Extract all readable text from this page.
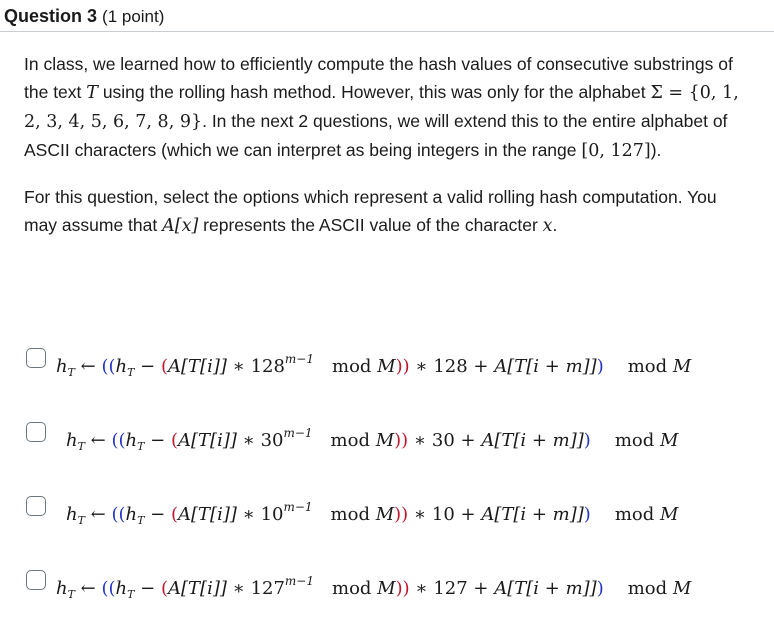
Question 3 (1 point)

In class, we learned how to efficiently compute the hash values of consecutive substrings of the text T using the rolling hash method. However, this was only for the alphabet Σ = {0, 1, 2, 3, 4, 5, 6, 7, 8, 9}. In the next 2 questions, we will extend this to the entire alphabet of ASCII characters (which we can interpret as being integers in the range [0, 127]).

For this question, select the options which represent a valid rolling hash computation. You may assume that A[x] represents the ASCII value of the character x.

$h_T$ ← (($h_T - (A[T[i]]$ ∗ $128^{m-1}$ mod M)) ∗ 128 + A[T[i + m]]) mod M
$h_T$ ← (($h_T - (A[T[i]]$ ∗ $30^{m-1}$ mod M)) ∗ 30 + A[T[i + m]]) mod M
$h_T$ ← (($h_T - (A[T[i]]$ ∗ $10^{m-1}$ mod M)) ∗ 10 + A[T[i + m]]) mod M
$h_T$ ← (($h_T - (A[T[i]]$ ∗ $127^{m-1}$ mod M)) ∗ 127 + A[T[i + m]]) mod M
